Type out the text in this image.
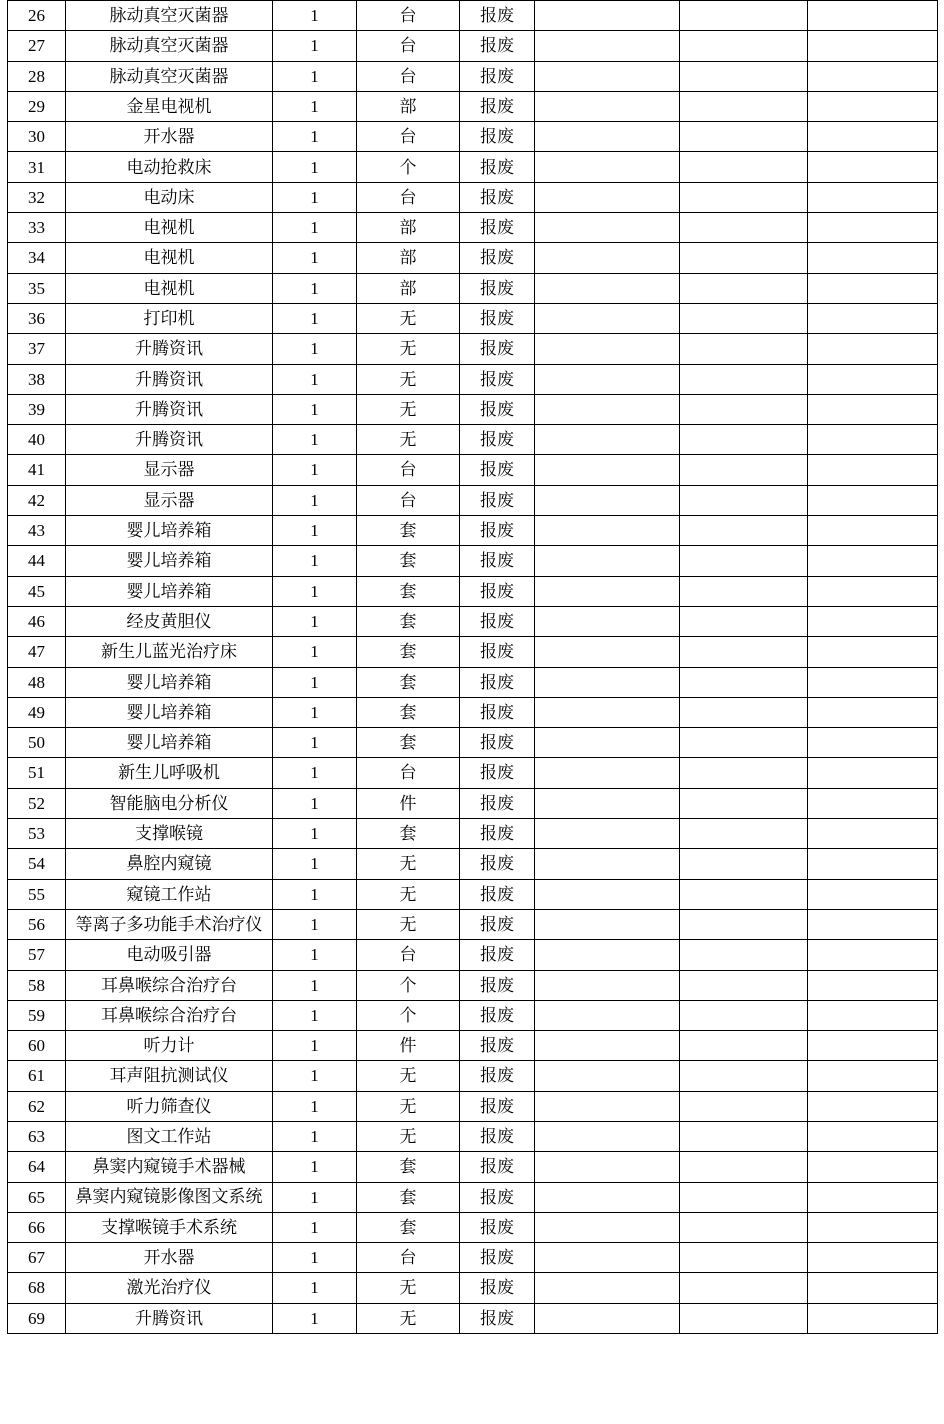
26	脉动真空灭菌器	1	台	报废			
27	脉动真空灭菌器	1	台	报废			
28	脉动真空灭菌器	1	台	报废			
29	金星电视机	1	部	报废			
30	开水器	1	台	报废			
31	电动抢救床	1	个	报废			
32	电动床	1	台	报废			
33	电视机	1	部	报废			
34	电视机	1	部	报废			
35	电视机	1	部	报废			
36	打印机	1	无	报废			
37	升腾资讯	1	无	报废			
38	升腾资讯	1	无	报废			
39	升腾资讯	1	无	报废			
40	升腾资讯	1	无	报废			
41	显示器	1	台	报废			
42	显示器	1	台	报废			
43	婴儿培养箱	1	套	报废			
44	婴儿培养箱	1	套	报废			
45	婴儿培养箱	1	套	报废			
46	经皮黄胆仪	1	套	报废			
47	新生儿蓝光治疗床	1	套	报废			
48	婴儿培养箱	1	套	报废			
49	婴儿培养箱	1	套	报废			
50	婴儿培养箱	1	套	报废			
51	新生儿呼吸机	1	台	报废			
52	智能脑电分析仪	1	件	报废			
53	支撑喉镜	1	套	报废			
54	鼻腔内窥镜	1	无	报废			
55	窥镜工作站	1	无	报废			
56	等离子多功能手术治疗仪	1	无	报废			
57	电动吸引器	1	台	报废			
58	耳鼻喉综合治疗台	1	个	报废			
59	耳鼻喉综合治疗台	1	个	报废			
60	听力计	1	件	报废			
61	耳声阻抗测试仪	1	无	报废			
62	听力筛查仪	1	无	报废			
63	图文工作站	1	无	报废			
64	鼻窦内窥镜手术器械	1	套	报废			
65	鼻窦内窥镜影像图文系统	1	套	报废			
66	支撑喉镜手术系统	1	套	报废			
67	开水器	1	台	报废			
68	激光治疗仪	1	无	报废			
69	升腾资讯	1	无	报废			
